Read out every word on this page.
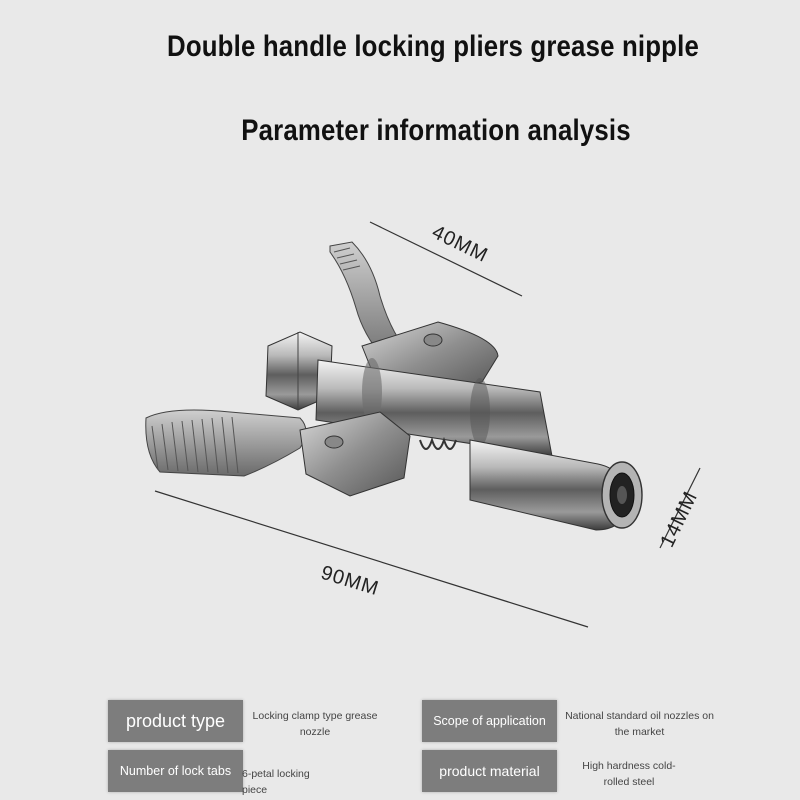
Double handle locking pliers grease nipple
Parameter information analysis
40MM
90MM
14MM
product type	Locking clamp type grease nozzle
Scope of application	National standard oil nozzles on the market
Number of lock tabs	6-petal locking piece
product material	High hardness cold-rolled steel
